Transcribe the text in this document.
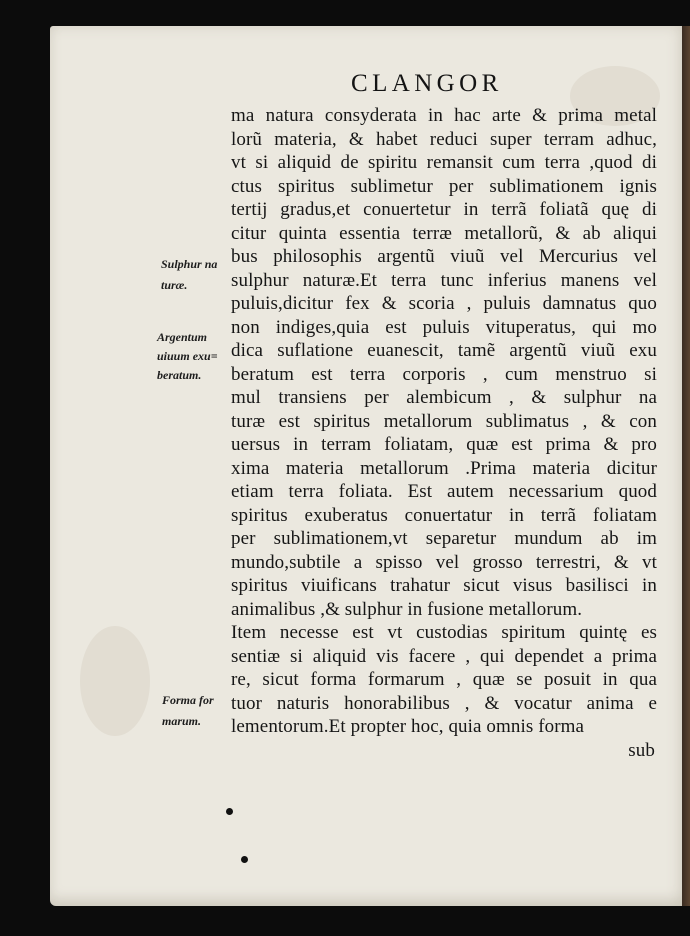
CLANGOR
ma natura consyderata in hac arte & prima metal
lorũ materia, & habet reduci super terram adhuc,
vt si aliquid de spiritu remansit cum terra ,quod di
ctus spiritus sublimetur per sublimationem ignis
tertij gradus,et conuertetur in terrã foliatã quę di
citur quinta essentia terræ metallorũ, & ab aliqui
bus philosophis argentũ viuũ vel Mercurius vel
sulphur naturæ.Et terra tunc inferius manens vel
puluis,dicitur fex & scoria , puluis damnatus quo
non indiges,quia est puluis vituperatus, qui mo
dica suflatione euanescit, tamẽ argentũ viuũ exu
beratum est terra corporis , cum menstruo si
mul transiens per alembicum , & sulphur na
turæ est spiritus metallorum sublimatus , & con
uersus in terram foliatam, quæ est prima & pro
xima materia metallorum .Prima materia dicitur
etiam terra foliata. Est autem necessarium quod
spiritus exuberatus conuertatur in terrã foliatam
per sublimationem,vt separetur mundum ab im
mundo,subtile a spisso vel grosso terrestri, & vt
spiritus viuificans trahatur sicut visus basilisci in
animalibus ,& sulphur in fusione metallorum.
Item necesse est vt custodias spiritum quintę es
sentiæ si aliquid vis facere , qui dependet a prima
re, sicut forma formarum , quæ se posuit in qua
tuor naturis honorabilibus , & vocatur anima e
lementorum.Et propter hoc, quia omnis forma
sub
Sulphur na
turæ.
Argentum
uiuum exu=
beratum.
Forma for
marum.
